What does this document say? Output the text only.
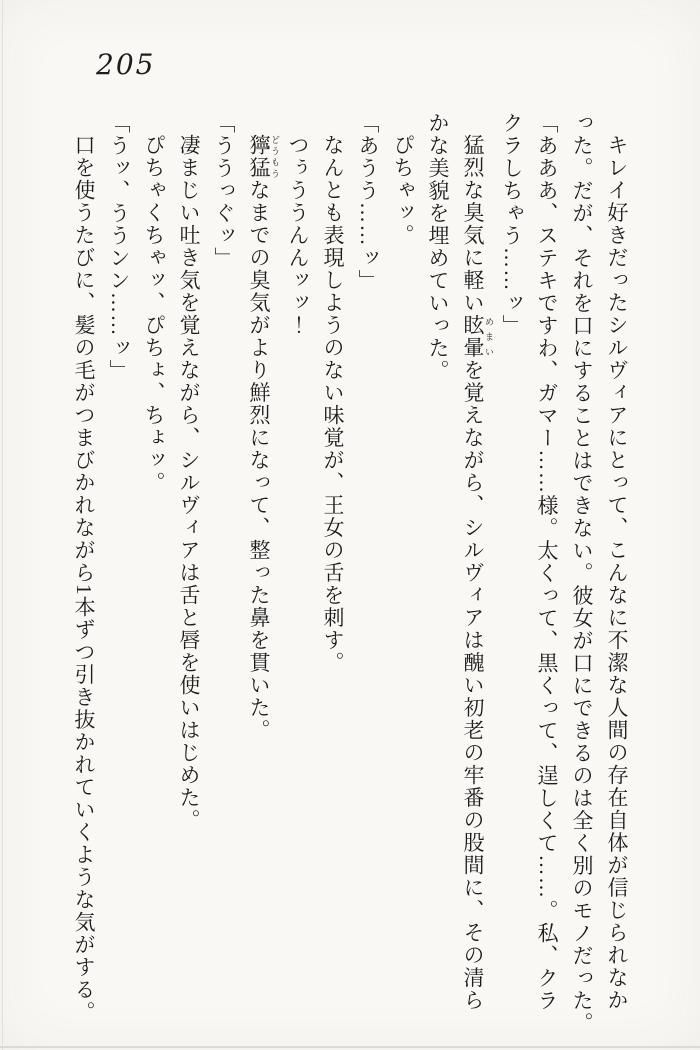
205

キレイ好きだったシルヴィアにとって、こんなに不潔な人間の存在自体が信じられなか

った。だが、それを口にすることはできない。彼女が口にできるのは全く別のモノだった。

「あああ、ステキですわ、ガマー……様。太くって、黒くって、逞しくて……。私、クラ

クラしちゃう……ッ」

猛烈な臭気に軽い眩暈 めまいを覚えながら、シルヴィアは醜い初老の牢番の股間に、その清ら

かな美貌を埋めていった。

ぴちゃッ。

「あうう……ッ」

なんとも表現しようのない味覚が、王女の舌を刺す。

つぅううんんッッ！

獰猛 どうもうなまでの臭気がより鮮烈になって、整った鼻を貫いた。

「ううっぐッ」

凄まじい吐き気を覚えながら、シルヴィアは舌と唇を使いはじめた。

ぴちゃくちゃッ、ぴちょ、ちょッ。

「うッ、ううンン……ッ」

口を使うたびに、髪の毛がつまびかれながら1本ずつ引き抜かれていくような気がする。
